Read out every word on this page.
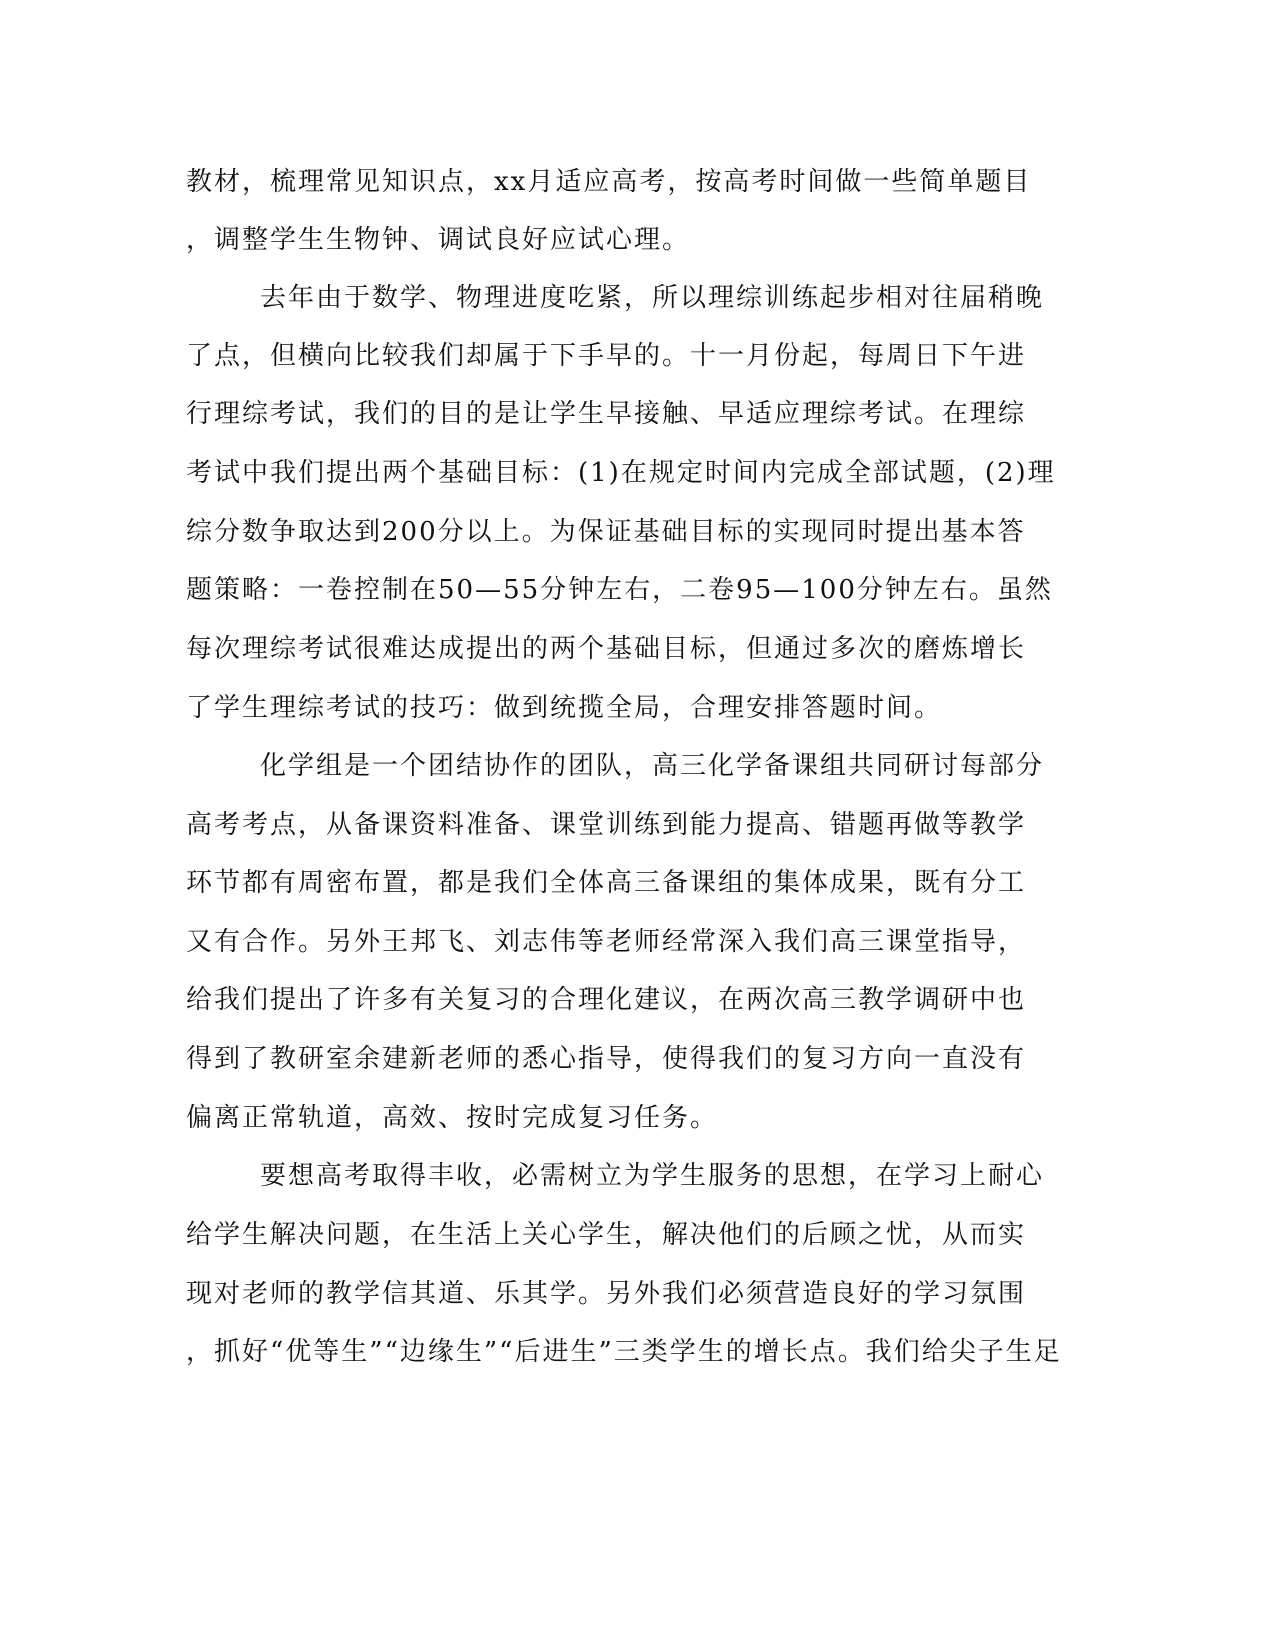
教材，梳理常见知识点，xx月适应高考，按高考时间做一些简单题目
，调整学生生物钟、调试良好应试心理。
去年由于数学、物理进度吃紧，所以理综训练起步相对往届稍晚
了点，但横向比较我们却属于下手早的。十一月份起，每周日下午进
行理综考试，我们的目的是让学生早接触、早适应理综考试。在理综
考试中我们提出两个基础目标：(1)在规定时间内完成全部试题，(2)理
综分数争取达到200分以上。为保证基础目标的实现同时提出基本答
题策略：一卷控制在50—55分钟左右，二卷95—100分钟左右。虽然
每次理综考试很难达成提出的两个基础目标，但通过多次的磨炼增长
了学生理综考试的技巧：做到统揽全局，合理安排答题时间。
化学组是一个团结协作的团队，高三化学备课组共同研讨每部分
高考考点，从备课资料准备、课堂训练到能力提高、错题再做等教学
环节都有周密布置，都是我们全体高三备课组的集体成果，既有分工
又有合作。另外王邦飞、刘志伟等老师经常深入我们高三课堂指导，
给我们提出了许多有关复习的合理化建议，在两次高三教学调研中也
得到了教研室余建新老师的悉心指导，使得我们的复习方向一直没有
偏离正常轨道，高效、按时完成复习任务。
要想高考取得丰收，必需树立为学生服务的思想，在学习上耐心
给学生解决问题，在生活上关心学生，解决他们的后顾之忧，从而实
现对老师的教学信其道、乐其学。另外我们必须营造良好的学习氛围
，抓好“优等生”“边缘生”“后进生”三类学生的增长点。我们给尖子生足
